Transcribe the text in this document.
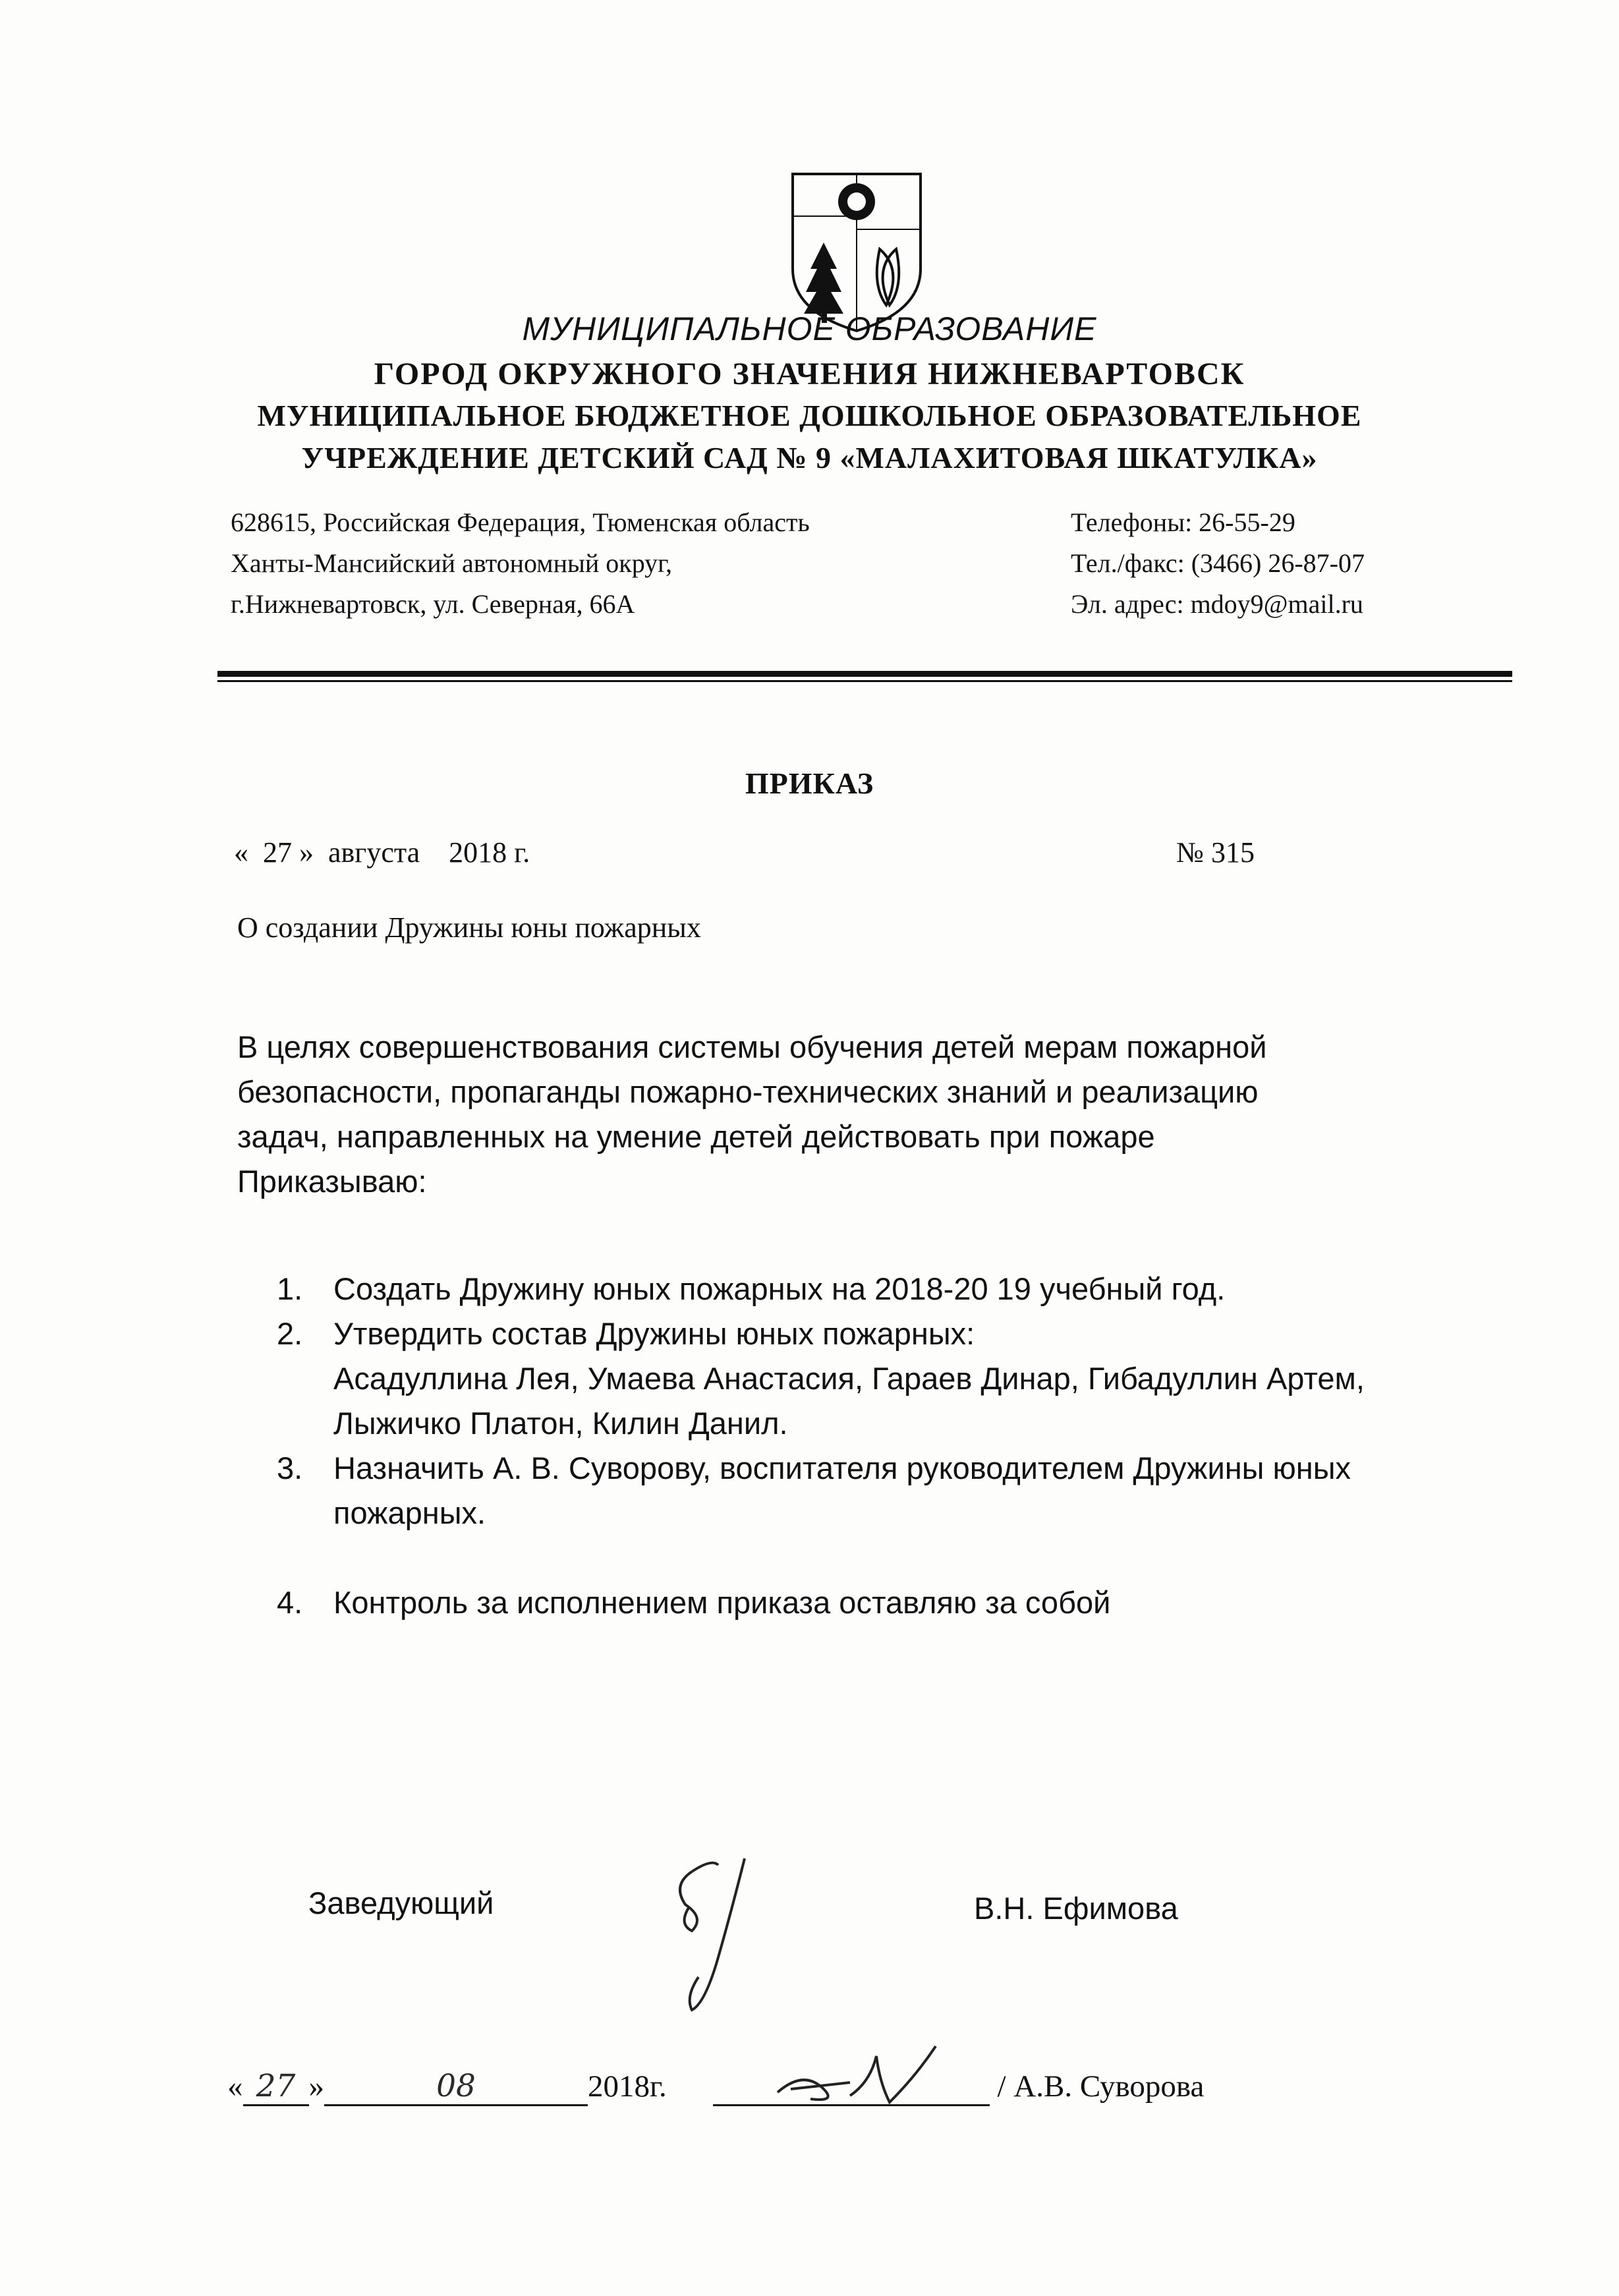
МУНИЦИПАЛЬНОЕ ОБРАЗОВАНИЕ
ГОРОД ОКРУЖНОГО ЗНАЧЕНИЯ НИЖНЕВАРТОВСК
МУНИЦИПАЛЬНОЕ БЮДЖЕТНОЕ ДОШКОЛЬНОЕ ОБРАЗОВАТЕЛЬНОЕ
УЧРЕЖДЕНИЕ ДЕТСКИЙ САД № 9 «МАЛАХИТОВАЯ ШКАТУЛКА»
628615, Российская Федерация, Тюменская область
Ханты-Мансийский автономный округ,
г.Нижневартовск, ул. Северная, 66А
Телефоны: 26-55-29
Тел./факс: (3466) 26-87-07
Эл. адрес: mdoy9@mail.ru
ПРИКАЗ
«  27 »  августа    2018 г.	№ 315
О создании Дружины юны пожарных
В целях совершенствования системы обучения детей мерам пожарной
безопасности, пропаганды пожарно-технических знаний и реализацию
задач, направленных на умение детей действовать при пожаре
Приказываю:
1. Создать Дружину юных пожарных на 2018-20 19 учебный год.
2. Утвердить состав Дружины юных пожарных:
Асадуллина Лея, Умаева Анастасия, Гараев Динар, Гибадуллин Артем,
Лыжичко Платон, Килин Данил.
3. Назначить А. В. Суворову, воспитателя руководителем Дружины юных
пожарных.
4. Контроль за исполнением приказа оставляю за собой
Заведующий	В.Н. Ефимова
« 27 »	08	2018г.	/ А.В. Суворова
